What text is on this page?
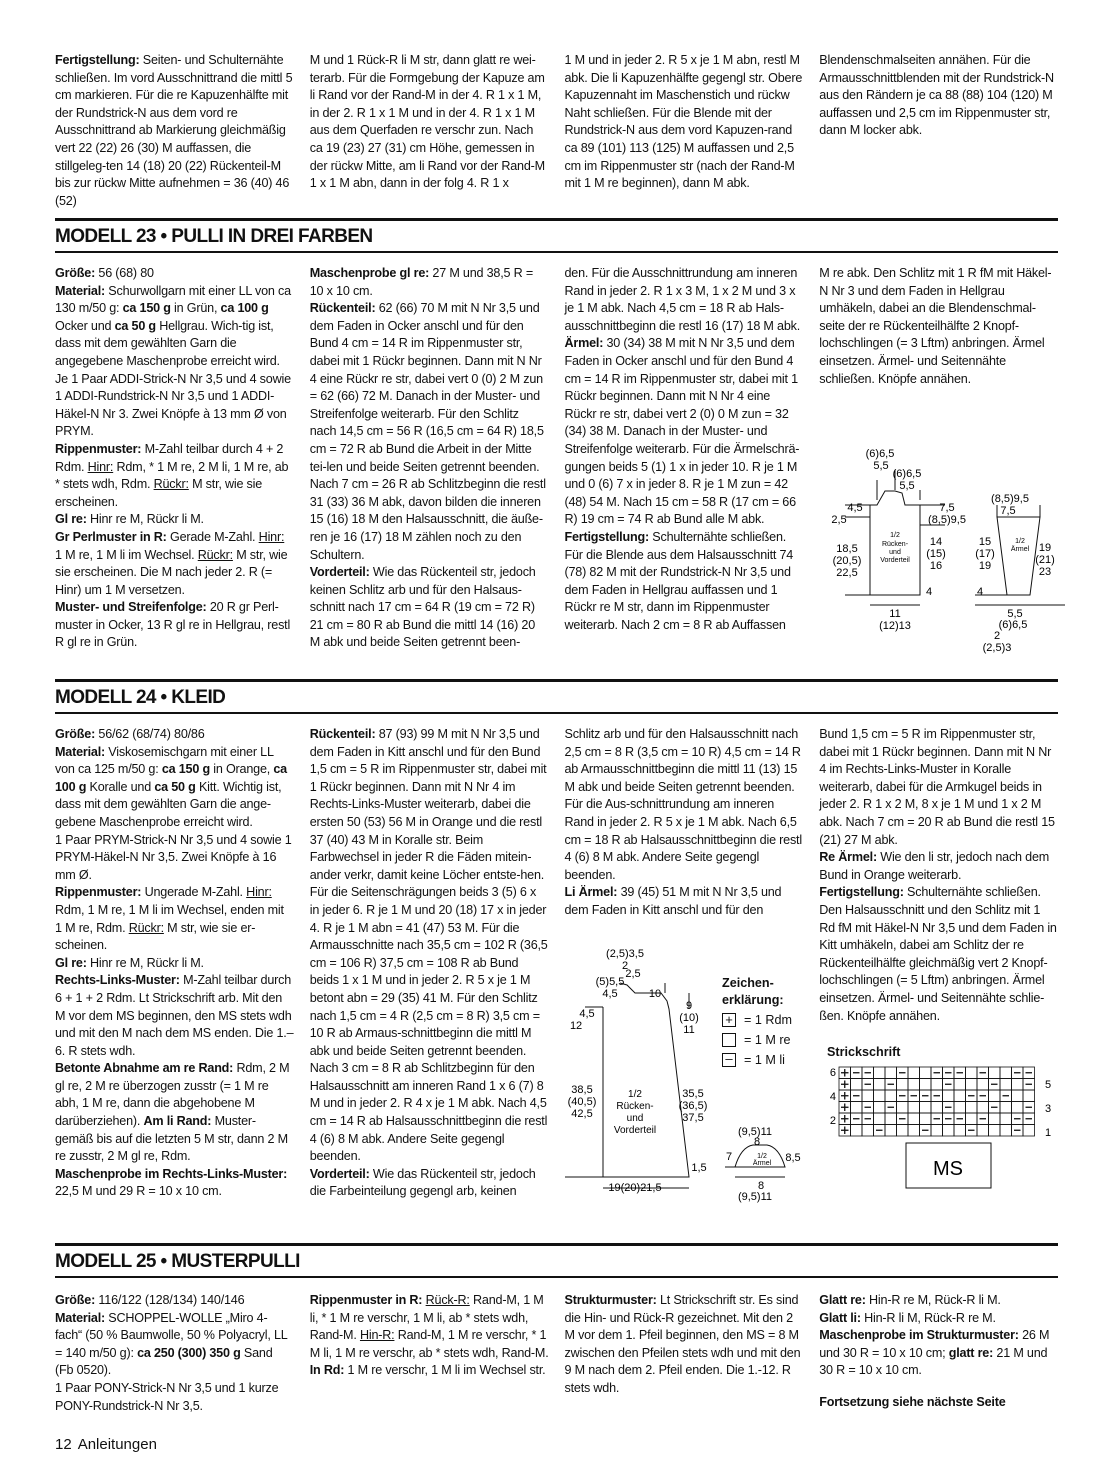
Fertigstellung: Seiten- und Schulternähte schließen. Im vord Ausschnittrand die mittl 5 cm markieren. Für die re Kapuzenhälfte mit der Rundstrick-N aus dem vord re Ausschnittrand ab Markierung gleichmäßig vert 22 (22) 26 (30) M auffassen, die stillgeleg-ten 14 (18) 20 (22) Rückenteil-M bis zur rückw Mitte aufnehmen = 36 (40) 46 (52)

M und 1 Rück-R li M str, dann glatt re wei-terarb. Für die Formgebung der Kapuze am li Rand vor der Rand-M in der 4. R 1 x 1 M, in der 2. R 1 x 1 M und in der 4. R 1 x 1 M aus dem Querfaden re verschr zun. Nach ca 19 (23) 27 (31) cm Höhe, gemessen in der rückw Mitte, am li Rand vor der Rand-M 1 x 1 M abn, dann in der folg 4. R 1 x

1 M und in jeder 2. R 5 x je 1 M abn, restl M abk. Die li Kapuzenhälfte gegengl str. Obere Kapuzennaht im Maschenstich und rückw Naht schließen. Für die Blende mit der Rundstrick-N aus dem vord Kapuzen-rand ca 89 (101) 113 (125) M auffassen und 2,5 cm im Rippenmuster str (nach der Rand-M mit 1 M re beginnen), dann M abk.

Blendenschmalseiten annähen. Für die Armausschnittblenden mit der Rundstrick-N aus den Rändern je ca 88 (88) 104 (120) M auffassen und 2,5 cm im Rippenmuster str, dann M locker abk.

MODELL 23 • PULLI IN DREI FARBEN

Größe: 56 (68) 80
Material: Schurwollgarn mit einer LL von ca 130 m/50 g: ca 150 g in Grün, ca 100 g Ocker und ca 50 g Hellgrau. Wich-tig ist, dass mit dem gewählten Garn die angegebene Maschenprobe erreicht wird. Je 1 Paar ADDI-Strick-N Nr 3,5 und 4 sowie 1 ADDI-Rundstrick-N Nr 3,5 und 1 ADDI-Häkel-N Nr 3. Zwei Knöpfe à 13 mm Ø von PRYM.
Rippenmuster: M-Zahl teilbar durch 4 + 2 Rdm. Hinr: Rdm, * 1 M re, 2 M li, 1 M re, ab * stets wdh, Rdm. Rückr: M str, wie sie erscheinen.
Gl re: Hinr re M, Rückr li M.
Gr Perlmuster in R: Gerade M-Zahl. Hinr: 1 M re, 1 M li im Wechsel. Rückr: M str, wie sie erscheinen. Die M nach jeder 2. R (= Hinr) um 1 M versetzen.
Muster- und Streifenfolge: 20 R gr Perl-muster in Ocker, 13 R gl re in Hellgrau, restl R gl re in Grün.

Maschenprobe gl re: 27 M und 38,5 R = 10 x 10 cm.
Rückenteil: 62 (66) 70 M mit N Nr 3,5 und dem Faden in Ocker anschl und für den Bund 4 cm = 14 R im Rippenmuster str, dabei mit 1 Rückr beginnen. Dann mit N Nr 4 eine Rückr re str, dabei vert 0 (0) 2 M zun = 62 (66) 72 M. Danach in der Muster- und Streifenfolge weiterarb. Für den Schlitz nach 14,5 cm = 56 R (16,5 cm = 64 R) 18,5 cm = 72 R ab Bund die Arbeit in der Mitte tei-len und beide Seiten getrennt beenden. Nach 7 cm = 26 R ab Schlitzbeginn die restl 31 (33) 36 M abk, davon bilden die inneren 15 (16) 18 M den Halsausschnitt, die äuße-ren je 16 (17) 18 M zählen noch zu den Schultern.
Vorderteil: Wie das Rückenteil str, jedoch keinen Schlitz arb und für den Halsaus-schnitt nach 17 cm = 64 R (19 cm = 72 R) 21 cm = 80 R ab Bund die mittl 14 (16) 20 M abk und beide Seiten getrennt been-

den. Für die Ausschnittrundung am inneren Rand in jeder 2. R 1 x 3 M, 1 x 2 M und 3 x je 1 M abk. Nach 4,5 cm = 18 R ab Hals-ausschnittbeginn die restl 16 (17) 18 M abk.
Ärmel: 30 (34) 38 M mit N Nr 3,5 und dem Faden in Ocker anschl und für den Bund 4 cm = 14 R im Rippenmuster str, dabei mit 1 Rückr beginnen. Dann mit N Nr 4 eine Rückr re str, dabei vert 2 (0) 0 M zun = 32 (34) 38 M. Danach in der Muster- und Streifenfolge weiterarb. Für die Ärmelschrä-gungen beids 5 (1) 1 x in jeder 10. R je 1 M und 0 (6) 7 x in jeder 8. R je 1 M zun = 42 (48) 54 M. Nach 15 cm = 58 R (17 cm = 66 R) 19 cm = 74 R ab Bund alle M abk.
Fertigstellung: Schulternähte schließen. Für die Blende aus dem Halsausschnitt 74 (78) 82 M mit der Rundstrick-N Nr 3,5 und dem Faden in Hellgrau auffassen und 1 Rückr re M str, dann im Rippenmuster weiterarb. Nach 2 cm = 8 R ab Auffassen

M re abk. Den Schlitz mit 1 R fM mit Häkel-N Nr 3 und dem Faden in Hellgrau umhäkeln, dabei an die Blendenschmal-seite der re Rückenteilhälfte 2 Knopf-lochschlingen (= 3 Lftm) anbringen. Ärmel einsetzen. Ärmel- und Seitennähte schließen. Knöpfe annähen.

1/2
Rücken-
und
Vorderteil
(6)6,5
5,5
(6)6,5
5,5
4,5
2,5
7,5
(8,5)9,5
18,5
(20,5)
22,5
14
(15)
16
4
11
(12)13
1/2
Ärmel
(8,5)9,5
7,5
15
(17)
19
19
(21)
23
4
5,5
(6)6,5
2
(2,5)3
MODELL 24 • KLEID

Größe: 56/62 (68/74) 80/86
Material: Viskosemischgarn mit einer LL von ca 125 m/50 g: ca 150 g in Orange, ca 100 g Koralle und ca 50 g Kitt. Wichtig ist, dass mit dem gewählten Garn die ange-gebene Maschenprobe erreicht wird.
1 Paar PRYM-Strick-N Nr 3,5 und 4 sowie 1 PRYM-Häkel-N Nr 3,5. Zwei Knöpfe à 16 mm Ø.
Rippenmuster: Ungerade M-Zahl. Hinr: Rdm, 1 M re, 1 M li im Wechsel, enden mit 1 M re, Rdm. Rückr: M str, wie sie er-scheinen.
Gl re: Hinr re M, Rückr li M.
Rechts-Links-Muster: M-Zahl teilbar durch 6 + 1 + 2 Rdm. Lt Strickschrift arb. Mit den M vor dem MS beginnen, den MS stets wdh und mit den M nach dem MS enden. Die 1.–6. R stets wdh.
Betonte Abnahme am re Rand: Rdm, 2 M gl re, 2 M re überzogen zusstr (= 1 M re abh, 1 M re, dann die abgehobene M darüberziehen). Am li Rand: Muster-gemäß bis auf die letzten 5 M str, dann 2 M re zusstr, 2 M gl re, Rdm.
Maschenprobe im Rechts-Links-Muster: 22,5 M und 29 R = 10 x 10 cm.

Rückenteil: 87 (93) 99 M mit N Nr 3,5 und dem Faden in Kitt anschl und für den Bund 1,5 cm = 5 R im Rippenmuster str, dabei mit 1 Rückr beginnen. Dann mit N Nr 4 im Rechts-Links-Muster weiterarb, dabei die ersten 50 (53) 56 M in Orange und die restl 37 (40) 43 M in Koralle str. Beim Farbwechsel in jeder R die Fäden mitein-ander verkr, damit keine Löcher entste-hen. Für die Seitenschrägungen beids 3 (5) 6 x in jeder 6. R je 1 M und 20 (18) 17 x in jeder 4. R je 1 M abn = 41 (47) 53 M. Für die Armausschnitte nach 35,5 cm = 102 R (36,5 cm = 106 R) 37,5 cm = 108 R ab Bund beids 1 x 1 M und in jeder 2. R 5 x je 1 M betont abn = 29 (35) 41 M. Für den Schlitz nach 1,5 cm = 4 R (2,5 cm = 8 R) 3,5 cm = 10 R ab Armaus-schnittbeginn die mittl M abk und beide Seiten getrennt beenden. Nach 3 cm = 8 R ab Schlitzbeginn für den Halsausschnitt am inneren Rand 1 x 6 (7) 8 M und in jeder 2. R 4 x je 1 M abk. Nach 4,5 cm = 14 R ab Halsausschnittbeginn die restl 4 (6) 8 M abk. Andere Seite gegengl beenden.
Vorderteil: Wie das Rückenteil str, jedoch die Farbeinteilung gegengl arb, keinen

Schlitz arb und für den Halsausschnitt nach 2,5 cm = 8 R (3,5 cm = 10 R) 4,5 cm = 14 R ab Armausschnittbeginn die mittl 11 (13) 15 M abk und beide Seiten getrennt beenden. Für die Aus-schnittrundung am inneren Rand in jeder 2. R 5 x je 1 M abk. Nach 6,5 cm = 18 R ab Halsausschnittbeginn die restl 4 (6) 8 M abk. Andere Seite gegengl beenden.
Li Ärmel: 39 (45) 51 M mit N Nr 3,5 und dem Faden in Kitt anschl und für den

Bund 1,5 cm = 5 R im Rippenmuster str, dabei mit 1 Rückr beginnen. Dann mit N Nr 4 im Rechts-Links-Muster in Koralle weiterarb, dabei für die Armkugel beids in jeder 2. R 1 x 2 M, 8 x je 1 M und 1 x 2 M abk. Nach 7 cm = 20 R ab Bund die restl 15 (21) 27 M abk.
Re Ärmel: Wie den li str, jedoch nach dem Bund in Orange weiterarb.
Fertigstellung: Schulternähte schließen. Den Halsausschnitt und den Schlitz mit 1 Rd fM mit Häkel-N Nr 3,5 und dem Faden in Kitt umhäkeln, dabei am Schlitz der re Rückenteilhälfte gleichmäßig vert 2 Knopf-lochschlingen (= 5 Lftm) anbringen. Ärmel einsetzen. Ärmel- und Seitennähte schlie-ßen. Knöpfe annähen.

1/2
Rücken-
und
Vorderteil
(2,5)3,5
2
2,5
(5)5,5
4,5	10
4,5
1 2
9
(10)
11
38,5
(40,5)
42,5
35,5
(36,5)
37,5
1,5
19(20)21,5
1/2
Ärmel
(9,5)11
8
7	8,5
8
(9,5)11
Zeichen-
erklärung:
+ = 1 Rdm
= 1 M re
– = 1 M li
Strickschrift
6
4
2
5
3
1
MS
MODELL 25 • MUSTERPULLI

Größe: 116/122 (128/134) 140/146
Material: SCHOPPEL-WOLLE „Miro 4-fach“ (50 % Baumwolle, 50 % Polyacryl, LL = 140 m/50 g): ca 250 (300) 350 g Sand (Fb 0520).
1 Paar PONY-Strick-N Nr 3,5 und 1 kurze PONY-Rundstrick-N Nr 3,5.

Rippenmuster in R: Rück-R: Rand-M, 1 M li, * 1 M re verschr, 1 M li, ab * stets wdh, Rand-M. Hin-R: Rand-M, 1 M re verschr, * 1 M li, 1 M re verschr, ab * stets wdh, Rand-M. In Rd: 1 M re verschr, 1 M li im Wechsel str.

Strukturmuster: Lt Strickschrift str. Es sind die Hin- und Rück-R gezeichnet. Mit den 2 M vor dem 1. Pfeil beginnen, den MS = 8 M zwischen den Pfeilen stets wdh und mit den 9 M nach dem 2. Pfeil enden. Die 1.-12. R stets wdh.

Glatt re: Hin-R re M, Rück-R li M.
Glatt li: Hin-R li M, Rück-R re M.
Maschenprobe im Strukturmuster: 26 M und 30 R = 10 x 10 cm; glatt re: 21 M und 30 R = 10 x 10 cm.

Fortsetzung siehe nächste Seite

12 Anleitungen
